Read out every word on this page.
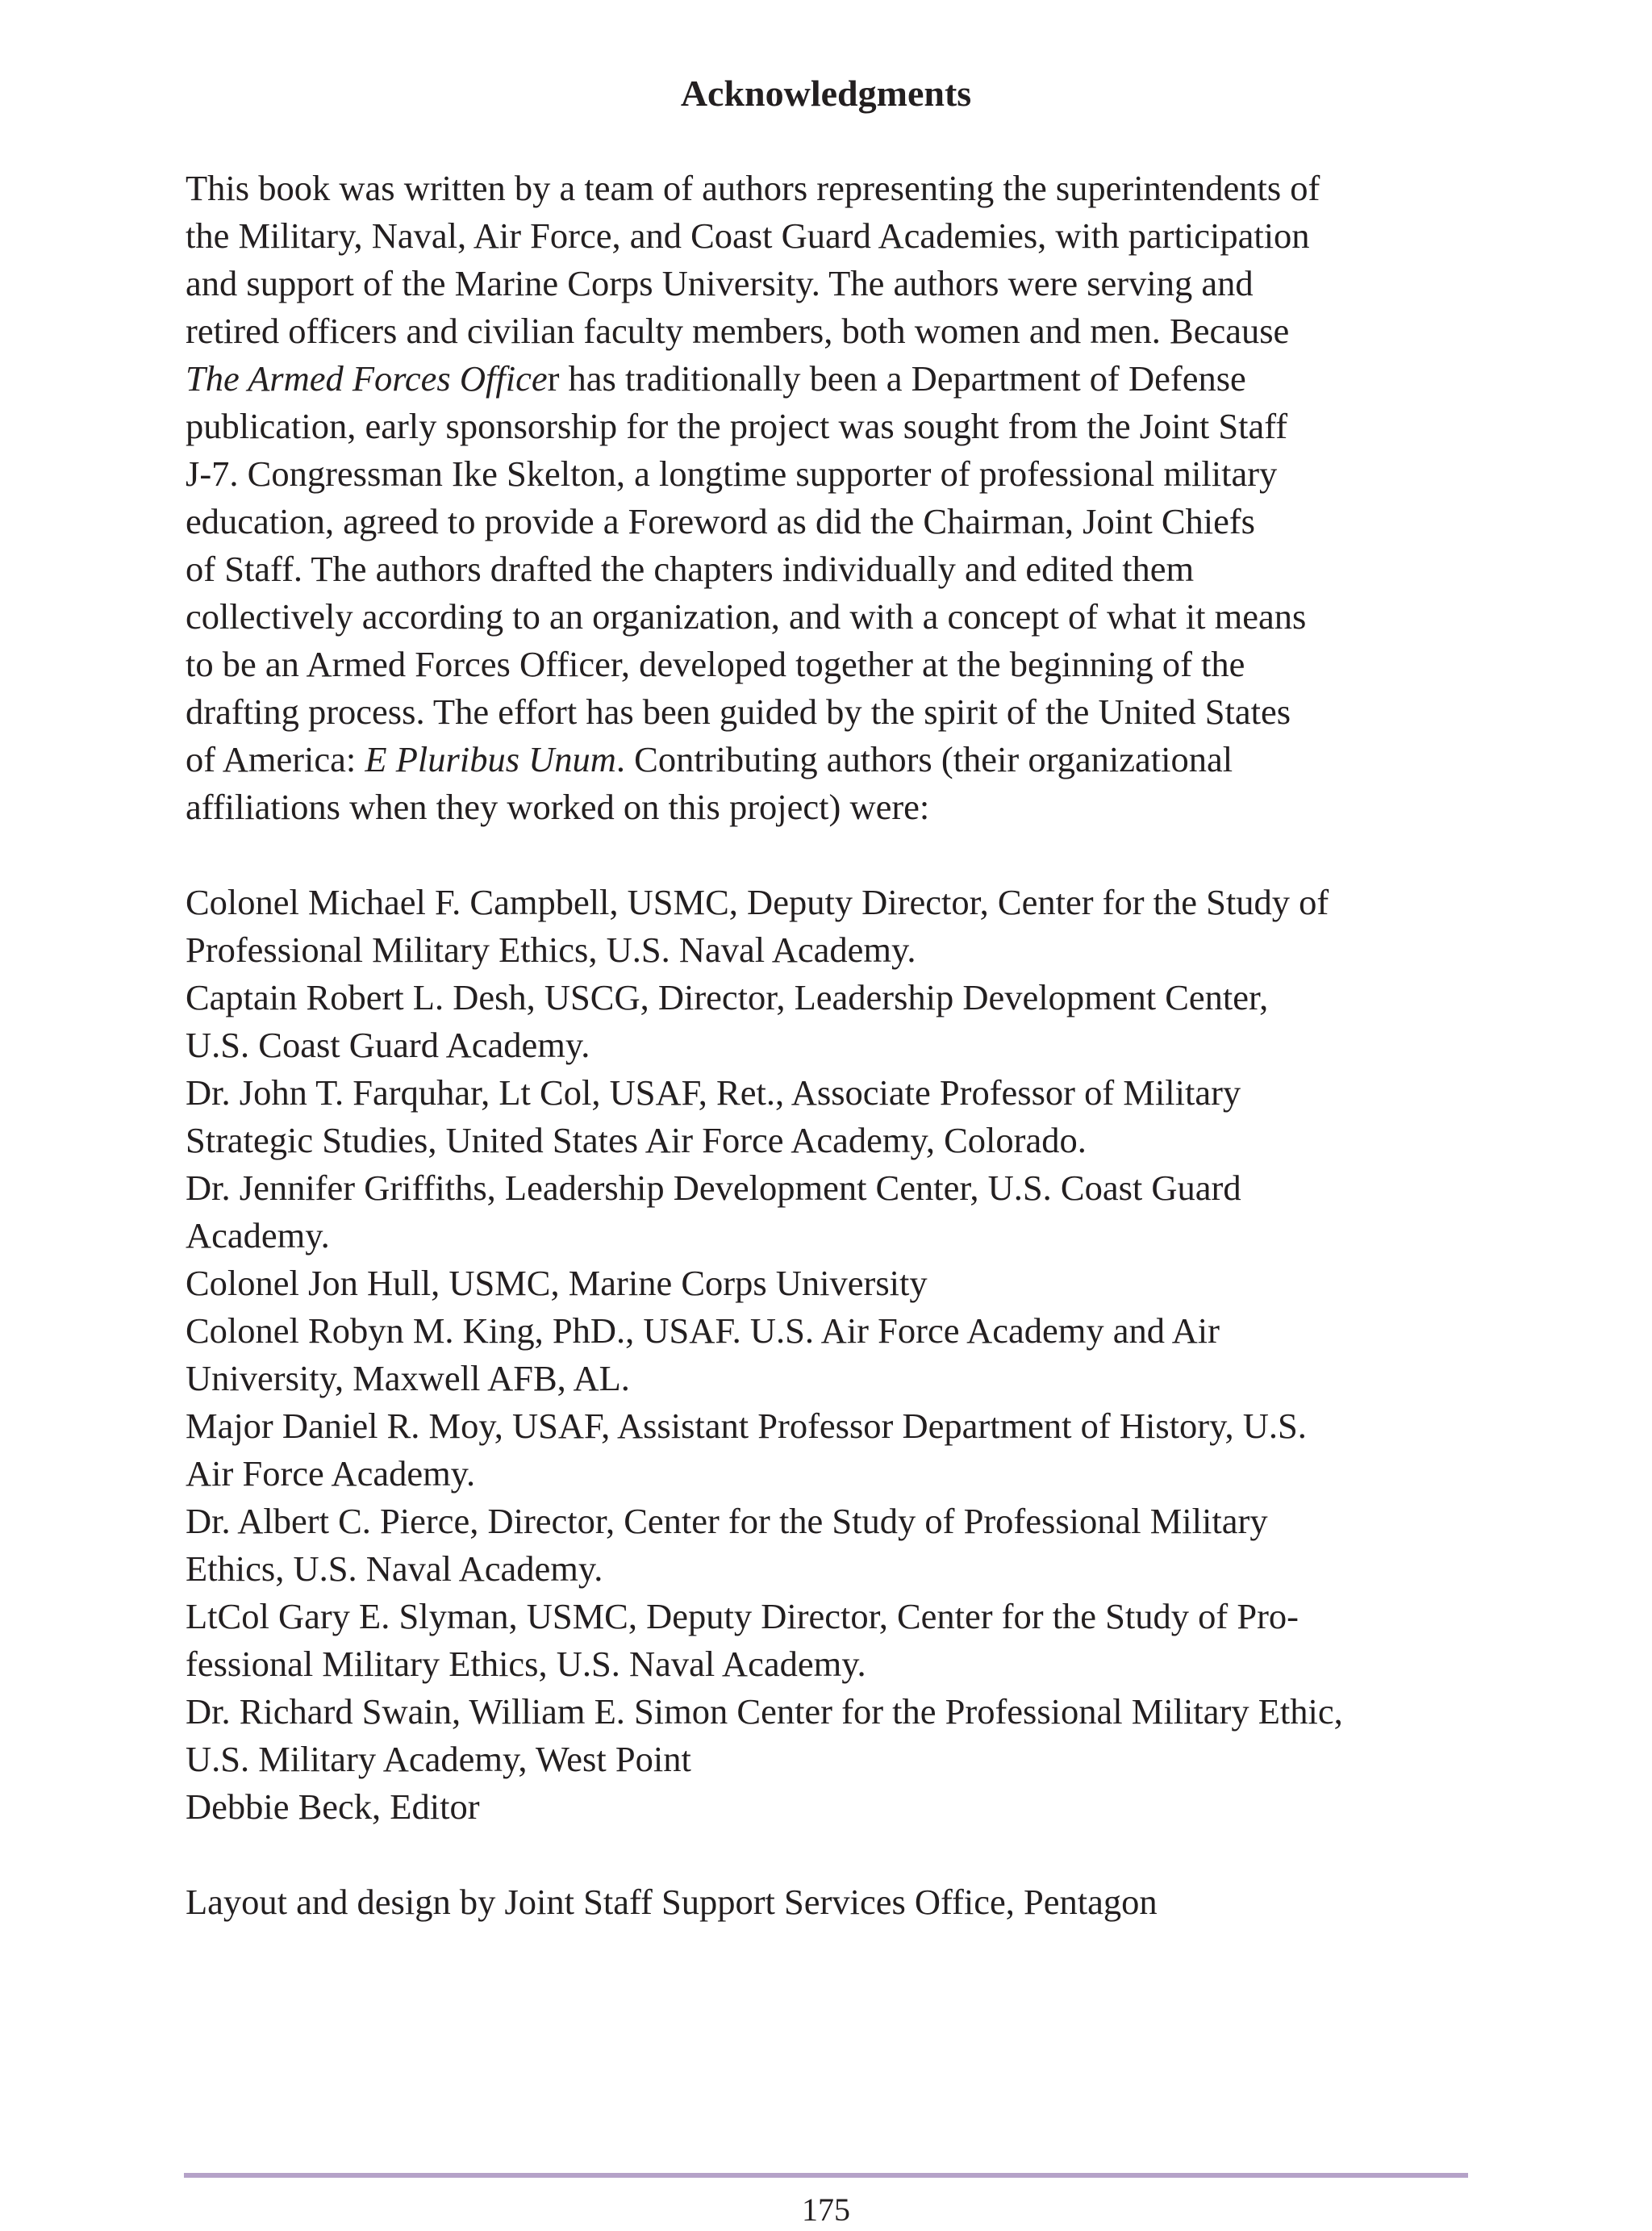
Acknowledgments
This book was written by a team of authors representing the superintendents of
the Military, Naval, Air Force, and Coast Guard Academies, with participation
and support of the Marine Corps University. The authors were serving and
retired officers and civilian faculty members, both women and men. Because
The Armed Forces Officer has traditionally been a Department of Defense
publication, early sponsorship for the project was sought from the Joint Staff
J-7. Congressman Ike Skelton, a longtime supporter of professional military
education, agreed to provide a Foreword as did the Chairman, Joint Chiefs
of Staff. The authors drafted the chapters individually and edited them
collectively according to an organization, and with a concept of what it means
to be an Armed Forces Officer, developed together at the beginning of the
drafting process. The effort has been guided by the spirit of the United States
of America: E Pluribus Unum. Contributing authors (their organizational
affiliations when they worked on this project) were:
Colonel Michael F. Campbell, USMC, Deputy Director, Center for the Study of
Professional Military Ethics, U.S. Naval Academy.
Captain Robert L. Desh, USCG, Director, Leadership Development Center,
U.S. Coast Guard Academy.
Dr. John T. Farquhar, Lt Col, USAF, Ret., Associate Professor of Military
Strategic Studies, United States Air Force Academy, Colorado.
Dr. Jennifer Griffiths, Leadership Development Center, U.S. Coast Guard
Academy.
Colonel Jon Hull, USMC, Marine Corps University
Colonel Robyn M. King, PhD., USAF. U.S. Air Force Academy and Air
University, Maxwell AFB, AL.
Major Daniel R. Moy, USAF, Assistant Professor Department of History, U.S.
Air Force Academy.
Dr. Albert C. Pierce, Director, Center for the Study of Professional Military
Ethics, U.S. Naval Academy.
LtCol Gary E. Slyman, USMC, Deputy Director, Center for the Study of Pro-
fessional Military Ethics, U.S. Naval Academy.
Dr. Richard Swain, William E. Simon Center for the Professional Military Ethic,
U.S. Military Academy, West Point
Debbie Beck, Editor
Layout and design by Joint Staff Support Services Office, Pentagon
175
